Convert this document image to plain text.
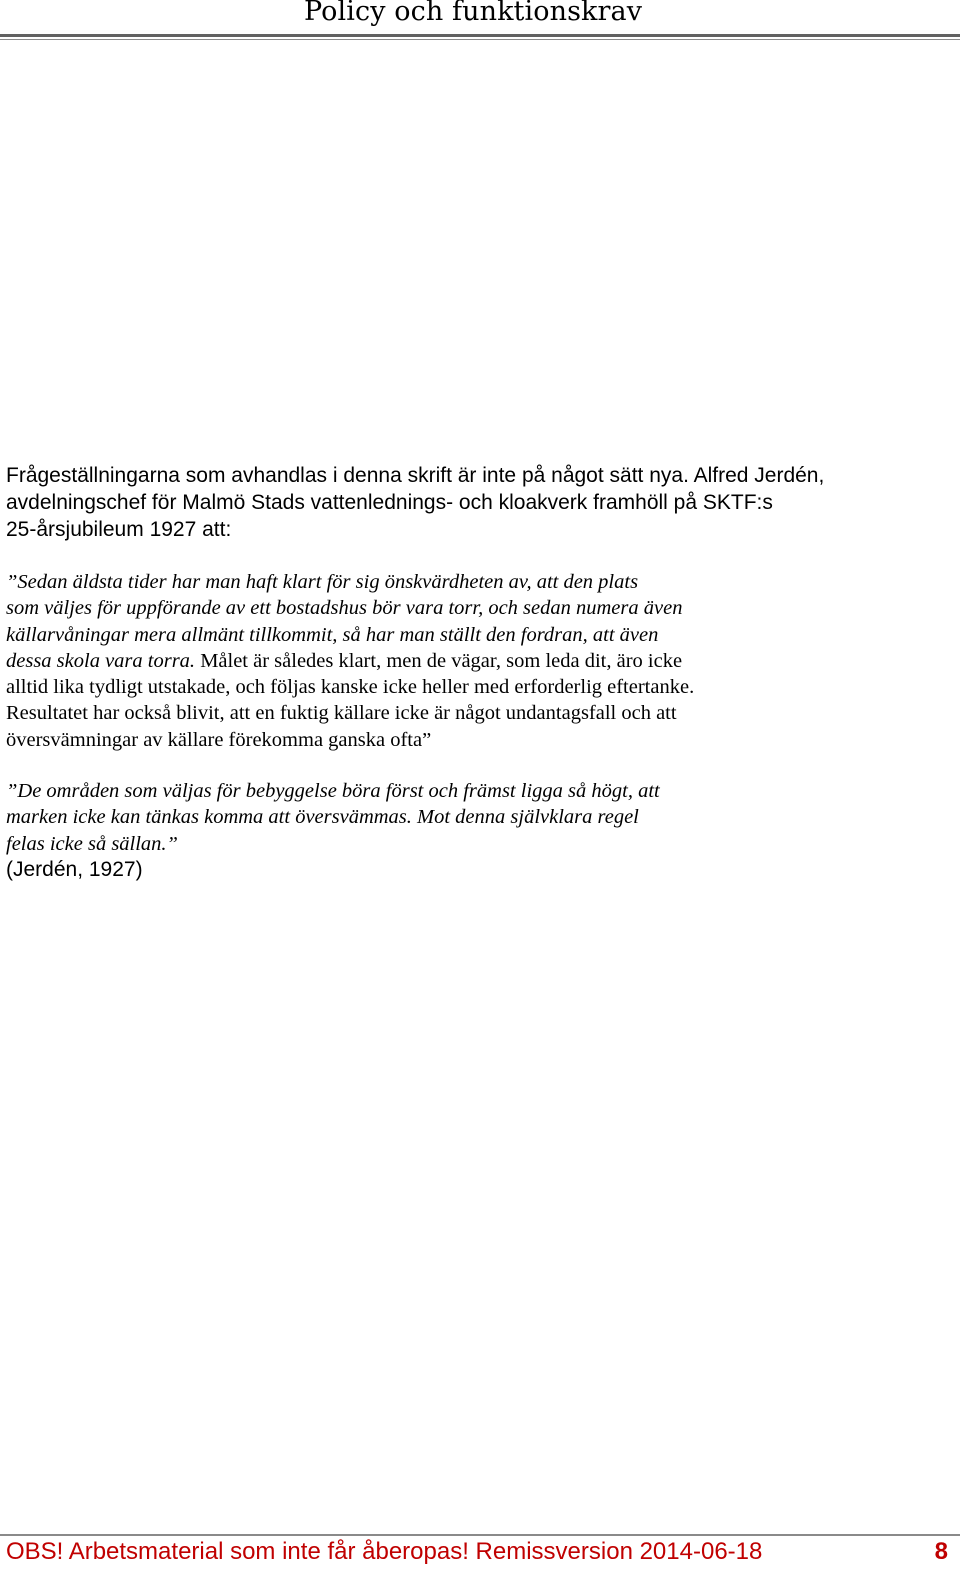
Policy och funktionskrav

Frågeställningarna som avhandlas i denna skrift är inte på något sätt nya. Alfred Jerdén,
avdelningschef för Malmö Stads vattenlednings- och kloakverk framhöll på SKTF:s
25-årsjubileum 1927 att:

”Sedan äldsta tider har man haft klart för sig önskvärdheten av, att den plats
som väljes för uppförande av ett bostadshus bör vara torr, och sedan numera även
källarvåningar mera allmänt tillkommit, så har man ställt den fordran, att även
dessa skola vara torra. Målet är således klart, men de vägar, som leda dit, äro icke
alltid lika tydligt utstakade, och följas kanske icke heller med erforderlig eftertanke.
Resultatet har också blivit, att en fuktig källare icke är något undantagsfall och att
översvämningar av källare förekomma ganska ofta”

”De områden som väljas för bebyggelse böra först och främst ligga så högt, att
marken icke kan tänkas komma att översvämmas. Mot denna självklara regel
felas icke så sällan.”

(Jerdén, 1927)

OBS! Arbetsmaterial som inte får åberopas! Remissversion 2014-06-18	8
